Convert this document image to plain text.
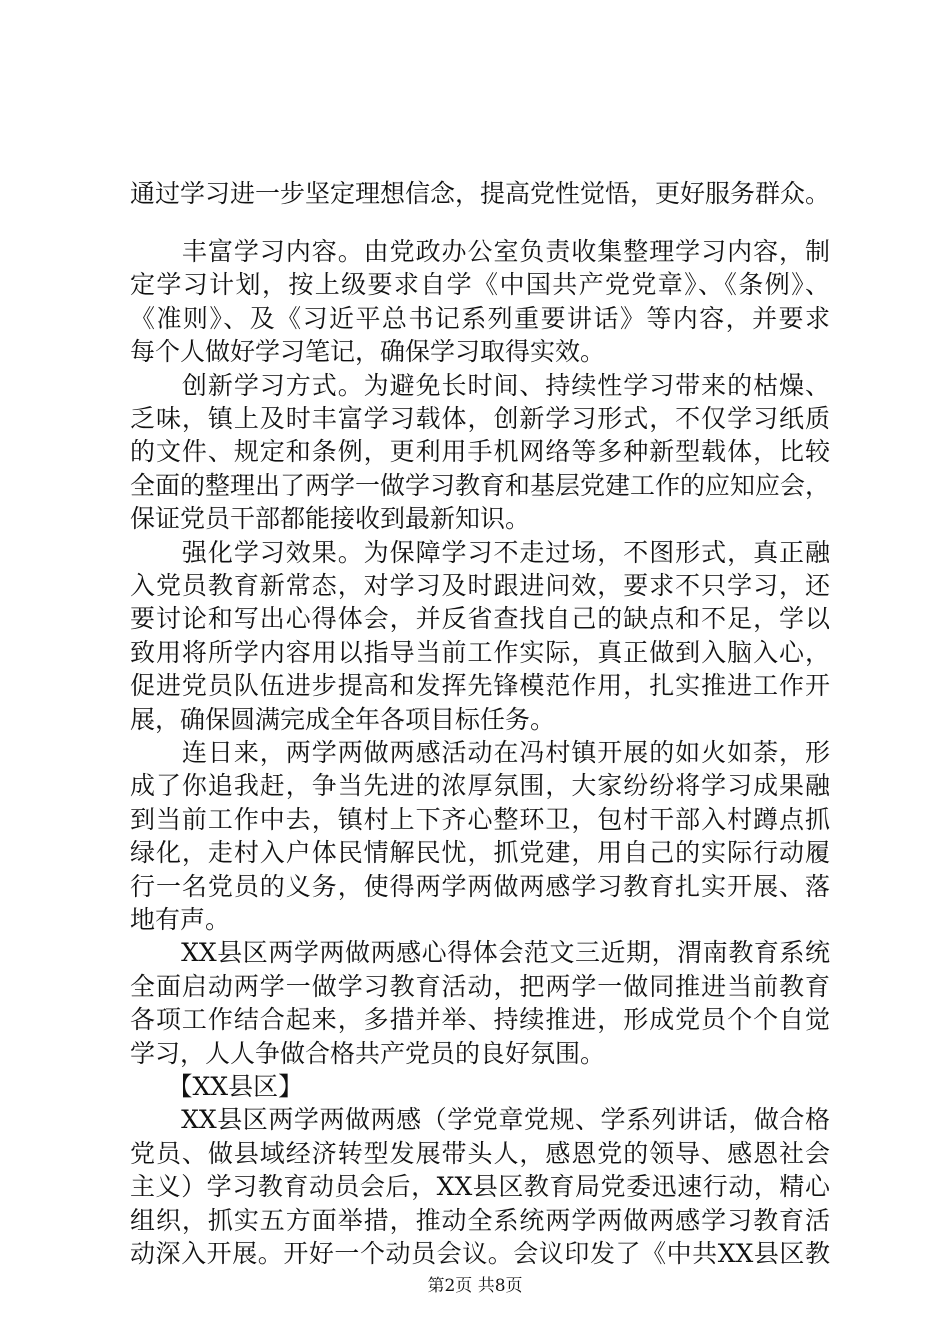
通过学习进一步坚定理想信念，提高党性觉悟，更好服务群众。
　　丰富学习内容。由党政办公室负责收集整理学习内容，制
定学习计划，按上级要求自学《中国共产党党章》、《条例》、
《准则》、及《习近平总书记系列重要讲话》等内容，并要求
每个人做好学习笔记，确保学习取得实效。
　　创新学习方式。为避免长时间、持续性学习带来的枯燥、
乏味，镇上及时丰富学习载体，创新学习形式，不仅学习纸质
的文件、规定和条例，更利用手机网络等多种新型载体，比较
全面的整理出了两学一做学习教育和基层党建工作的应知应会，
保证党员干部都能接收到最新知识。
　　强化学习效果。为保障学习不走过场，不图形式，真正融
入党员教育新常态，对学习及时跟进问效，要求不只学习，还
要讨论和写出心得体会，并反省查找自己的缺点和不足，学以
致用将所学内容用以指导当前工作实际，真正做到入脑入心，
促进党员队伍进步提高和发挥先锋模范作用，扎实推进工作开
展，确保圆满完成全年各项目标任务。
　　连日来，两学两做两感活动在冯村镇开展的如火如荼，形
成了你追我赶，争当先进的浓厚氛围，大家纷纷将学习成果融
到当前工作中去，镇村上下齐心整环卫，包村干部入村蹲点抓
绿化，走村入户体民情解民忧，抓党建，用自己的实际行动履
行一名党员的义务，使得两学两做两感学习教育扎实开展、落
地有声。
　　XX县区两学两做两感心得体会范文三近期，渭南教育系统
全面启动两学一做学习教育活动，把两学一做同推进当前教育
各项工作结合起来，多措并举、持续推进，形成党员个个自觉
学习，人人争做合格共产党员的良好氛围。
　　【XX县区】
　　XX县区两学两做两感（学党章党规、学系列讲话，做合格
党员、做县域经济转型发展带头人，感恩党的领导、感恩社会
主义）学习教育动员会后，XX县区教育局党委迅速行动，精心
第2页 共8页
组织，抓实五方面举措，推动全系统两学两做两感学习教育活
动深入开展。开好一个动员会议。会议印发了《中共XX县区教
